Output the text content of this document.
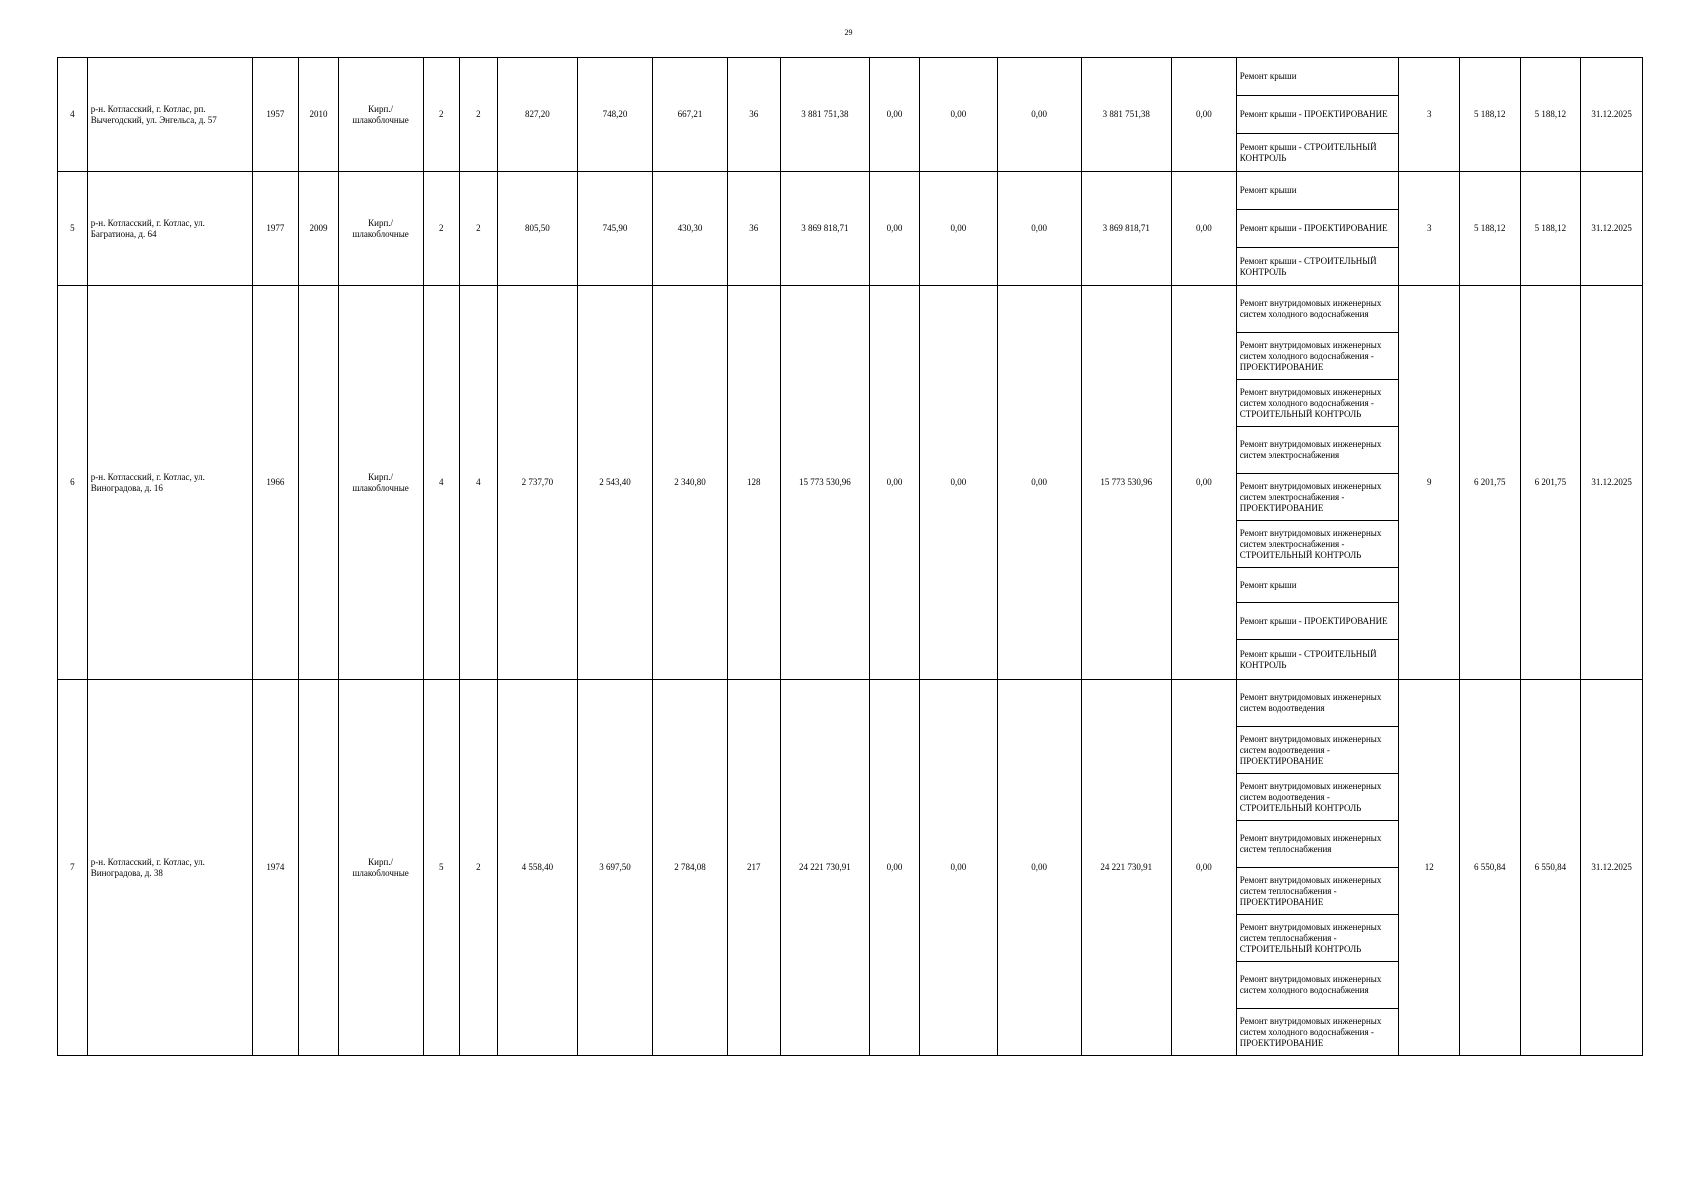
29
4	р-н. Котласский, г. Котлас, рп. Вычегодский, ул. Энгельса, д. 57	1957	2010	Кирп./ шлакоблочные	2	2	827,20	748,20	667,21	36	3 881 751,38	0,00	0,00	0,00	3 881 751,38	0,00	Ремонт крыши	3	5 188,12	5 188,12	31.12.2025
																	Ремонт крыши - ПРОЕКТИРОВАНИЕ				
																	Ремонт крыши - СТРОИТЕЛЬНЫЙ КОНТРОЛЬ				
5	р-н. Котласский, г. Котлас, ул. Багратиона, д. 64	1977	2009	Кирп./ шлакоблочные	2	2	805,50	745,90	430,30	36	3 869 818,71	0,00	0,00	0,00	3 869 818,71	0,00	Ремонт крыши	3	5 188,12	5 188,12	31.12.2025
																	Ремонт крыши - ПРОЕКТИРОВАНИЕ				
																	Ремонт крыши - СТРОИТЕЛЬНЫЙ КОНТРОЛЬ				
6	р-н. Котласский, г. Котлас, ул. Виноградова, д. 16	1966		Кирп./ шлакоблочные	4	4	2 737,70	2 543,40	2 340,80	128	15 773 530,96	0,00	0,00	0,00	15 773 530,96	0,00	Ремонт внутридомовых инженерных систем холодного водоснабжения	9	6 201,75	6 201,75	31.12.2025
																	Ремонт внутридомовых инженерных систем холодного водоснабжения - ПРОЕКТИРОВАНИЕ				
																	Ремонт внутридомовых инженерных систем холодного водоснабжения - СТРОИТЕЛЬНЫЙ КОНТРОЛЬ				
																	Ремонт внутридомовых инженерных систем электроснабжения				
																	Ремонт внутридомовых инженерных систем электроснабжения - ПРОЕКТИРОВАНИЕ				
																	Ремонт внутридомовых инженерных систем электроснабжения - СТРОИТЕЛЬНЫЙ КОНТРОЛЬ				
																	Ремонт крыши				
																	Ремонт крыши - ПРОЕКТИРОВАНИЕ				
																	Ремонт крыши - СТРОИТЕЛЬНЫЙ КОНТРОЛЬ				
7	р-н. Котласский, г. Котлас, ул. Виноградова, д. 38	1974		Кирп./ шлакоблочные	5	2	4 558,40	3 697,50	2 784,08	217	24 221 730,91	0,00	0,00	0,00	24 221 730,91	0,00	Ремонт внутридомовых инженерных систем водоотведения	12	6 550,84	6 550,84	31.12.2025
																	Ремонт внутридомовых инженерных систем водоотведения - ПРОЕКТИРОВАНИЕ				
																	Ремонт внутридомовых инженерных систем водоотведения - СТРОИТЕЛЬНЫЙ КОНТРОЛЬ				
																	Ремонт внутридомовых инженерных систем теплоснабжения				
																	Ремонт внутридомовых инженерных систем теплоснабжения - ПРОЕКТИРОВАНИЕ				
																	Ремонт внутридомовых инженерных систем теплоснабжения - СТРОИТЕЛЬНЫЙ КОНТРОЛЬ				
																	Ремонт внутридомовых инженерных систем холодного водоснабжения				
																	Ремонт внутридомовых инженерных систем холодного водоснабжения - ПРОЕКТИРОВАНИЕ				
